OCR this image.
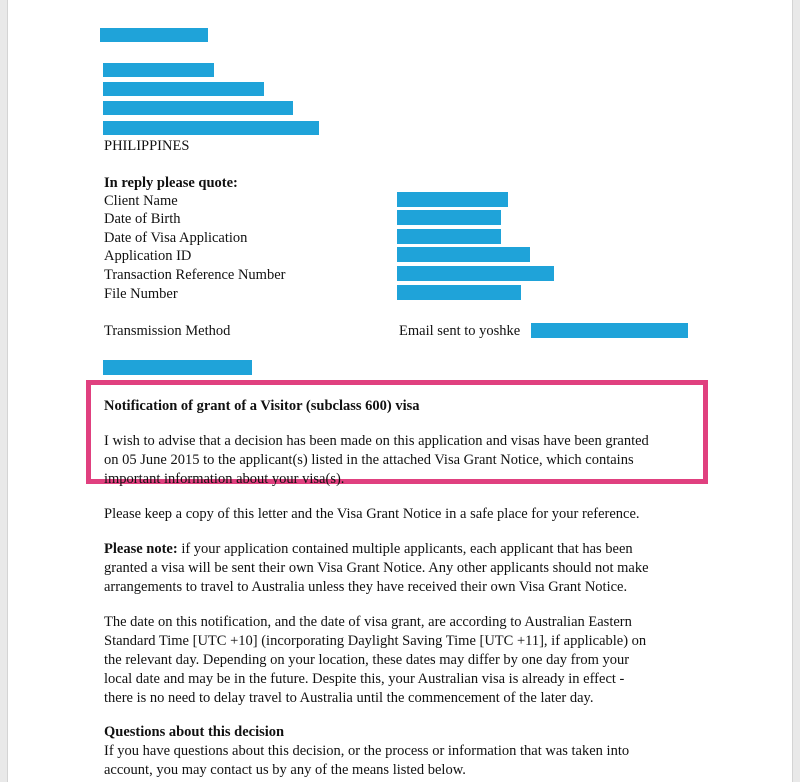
PHILIPPINES
In reply please quote:
Client Name
Date of Birth
Date of Visa Application
Application ID
Transaction Reference Number
File Number
Transmission Method	Email sent to yoshke
Notification of grant of a Visitor (subclass 600) visa
I wish to advise that a decision has been made on this application and visas have been granted
on 05 June 2015 to the applicant(s) listed in the attached Visa Grant Notice, which contains
important information about your visa(s).
Please keep a copy of this letter and the Visa Grant Notice in a safe place for your reference.
Please note: if your application contained multiple applicants, each applicant that has been
granted a visa will be sent their own Visa Grant Notice. Any other applicants should not make
arrangements to travel to Australia unless they have received their own Visa Grant Notice.
The date on this notification, and the date of visa grant, are according to Australian Eastern
Standard Time [UTC +10] (incorporating Daylight Saving Time [UTC +11], if applicable) on
the relevant day. Depending on your location, these dates may differ by one day from your
local date and may be in the future. Despite this, your Australian visa is already in effect -
there is no need to delay travel to Australia until the commencement of the later day.
Questions about this decision
If you have questions about this decision, or the process or information that was taken into
account, you may contact us by any of the means listed below.
